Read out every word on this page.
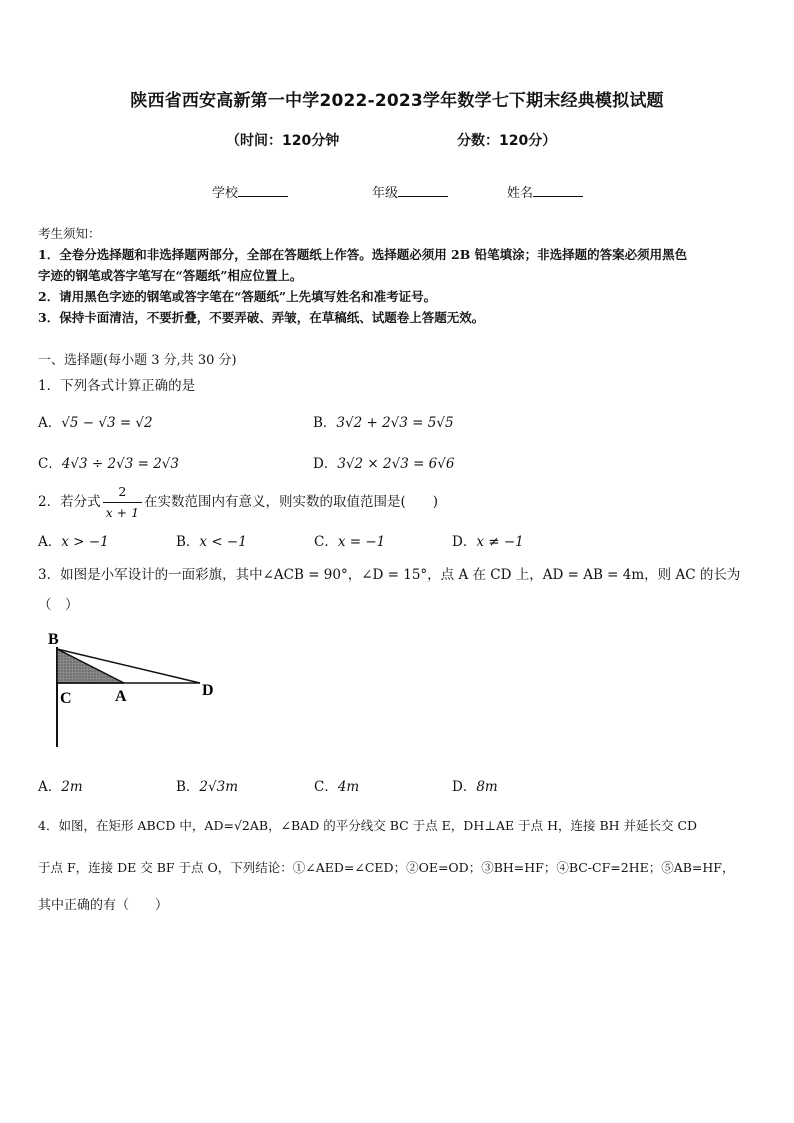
陕西省西安高新第一中学2022-2023学年数学七下期末经典模拟试题
（时间：120分钟	分数：120分）
学校	年级	姓名
考生须知：
1．全卷分选择题和非选择题两部分，全部在答题纸上作答。选择题必须用 2B 铅笔填涂；非选择题的答案必须用黑色
字迹的钢笔或答字笔写在“答题纸”相应位置上。
2．请用黑色字迹的钢笔或答字笔在“答题纸”上先填写姓名和准考证号。
3．保持卡面清洁，不要折叠，不要弄破、弄皱，在草稿纸、试题卷上答题无效。
一、选择题(每小题 3 分,共 30 分)
1．下列各式计算正确的是
A．√5 − √3 = √2	B．3√2 + 2√3 = 5√5
C．4√3 ÷ 2√3 = 2√3	D．3√2 × 2√3 = 6√6
2．若分式 $\frac{2}{x + 1}$ 在实数范围内有意义，则实数的取值范围是(　　)
A．x > −1	B．x < −1	C．x = −1	D．x ≠ −1
3．如图是小军设计的一面彩旗，其中∠ACB = 90°，∠D = 15°，点 A 在 CD 上，AD = AB = 4m，则 AC 的长为
（　）
B
C	A	D
A．2m	B．2√3m	C．4m	D．8m
4．如图，在矩形 ABCD 中，AD=√2AB，∠BAD 的平分线交 BC 于点 E，DH⊥AE 于点 H，连接 BH 并延长交 CD
于点 F，连接 DE 交 BF 于点 O，下列结论：①∠AED=∠CED；②OE=OD；③BH=HF；④BC-CF=2HE；⑤AB=HF，
其中正确的有（　　）
